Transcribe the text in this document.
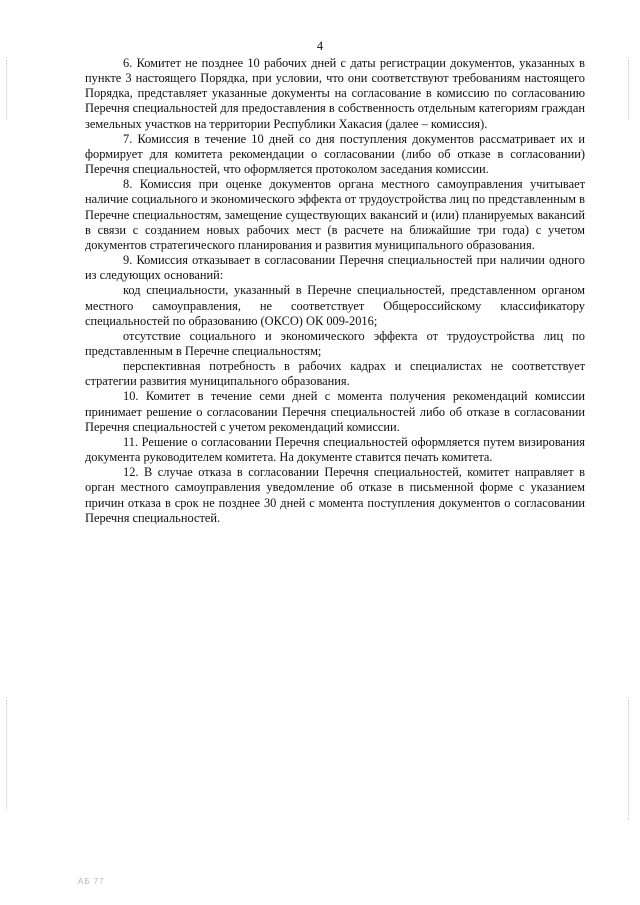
4

6. Комитет не позднее 10 рабочих дней с даты регистрации документов, указанных в пункте 3 настоящего Порядка, при условии, что они соответствуют требованиям настоящего Порядка, представляет указанные документы на согласование в комиссию по согласованию Перечня специальностей для предоставления в собственность отдельным категориям граждан земельных участков на территории Республики Хакасия (далее – комиссия).

7. Комиссия в течение 10 дней со дня поступления документов рассматривает их и формирует для комитета рекомендации о согласовании (либо об отказе в согласовании) Перечня специальностей, что оформляется протоколом заседания комиссии.

8. Комиссия при оценке документов органа местного самоуправления учитывает наличие социального и экономического эффекта от трудоустройства лиц по представленным в Перечне специальностям, замещение существующих вакансий и (или) планируемых вакансий в связи с созданием новых рабочих мест (в расчете на ближайшие три года) с учетом документов стратегического планирования и развития муниципального образования.

9. Комиссия отказывает в согласовании Перечня специальностей при наличии одного из следующих оснований:

код специальности, указанный в Перечне специальностей, представленном органом местного самоуправления, не соответствует Общероссийскому классификатору специальностей по образованию (ОКСО) ОК 009-2016;

отсутствие социального и экономического эффекта от трудоустройства лиц по представленным в Перечне специальностям;

перспективная потребность в рабочих кадрах и специалистах не соответствует стратегии развития муниципального образования.

10. Комитет в течение семи дней с момента получения рекомендаций комиссии принимает решение о согласовании Перечня специальностей либо об отказе в согласовании Перечня специальностей с учетом рекомендаций комиссии.

11. Решение о согласовании Перечня специальностей оформляется путем визирования документа руководителем комитета. На документе ставится печать комитета.

12. В случае отказа в согласовании Перечня специальностей, комитет направляет в орган местного самоуправления уведомление об отказе в письменной форме с указанием причин отказа в срок не позднее 30 дней с момента поступления документов о согласовании Перечня специальностей.

АБ 77
